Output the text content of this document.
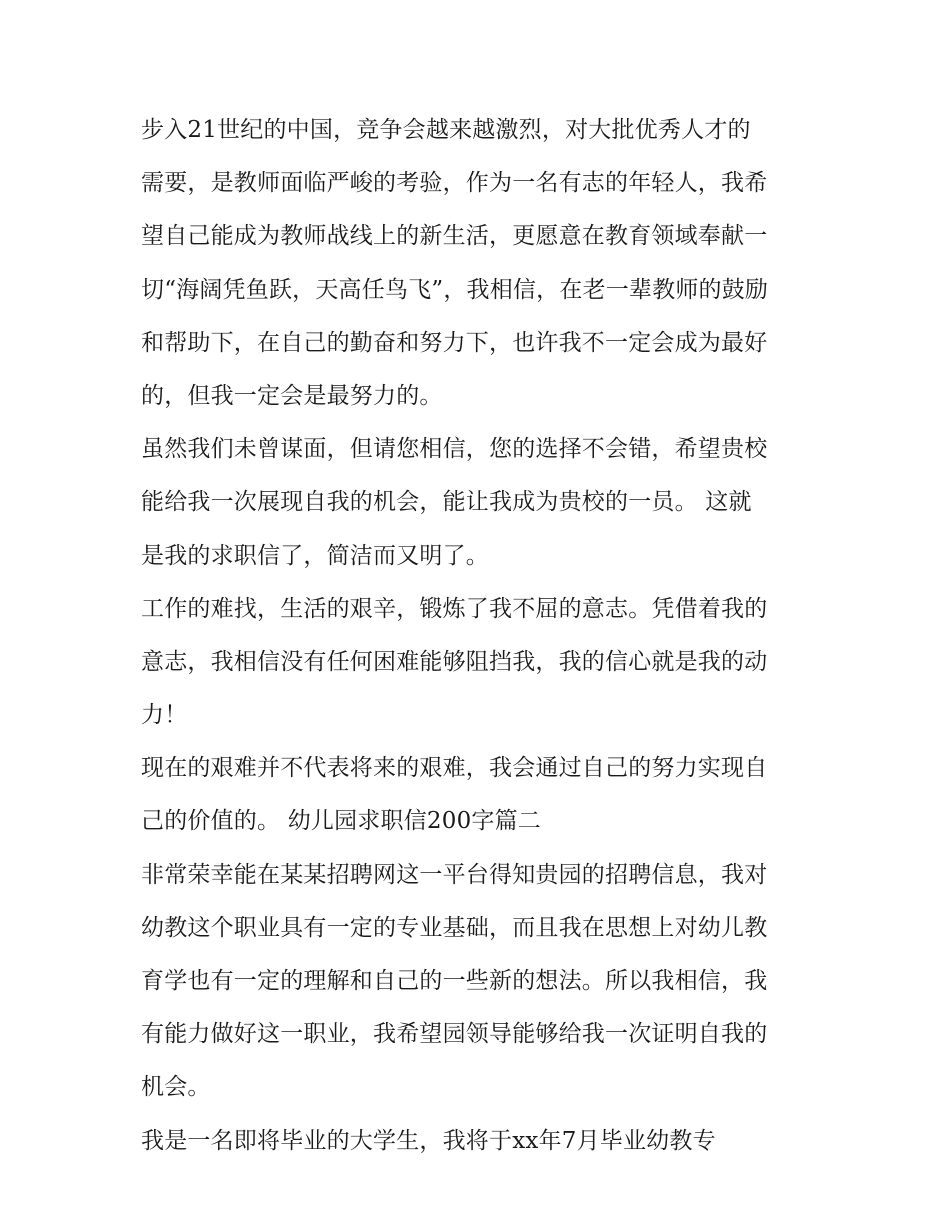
步入21世纪的中国，竞争会越来越激烈，对大批优秀人才的
需要，是教师面临严峻的考验，作为一名有志的年轻人，我希
望自己能成为教师战线上的新生活，更愿意在教育领域奉献一
切“海阔凭鱼跃，天高任鸟飞”，我相信，在老一辈教师的鼓励
和帮助下，在自己的勤奋和努力下，也许我不一定会成为最好
的，但我一定会是最努力的。
虽然我们未曾谋面，但请您相信，您的选择不会错，希望贵校
能给我一次展现自我的机会，能让我成为贵校的一员。 这就
是我的求职信了，简洁而又明了。
工作的难找，生活的艰辛，锻炼了我不屈的意志。凭借着我的
意志，我相信没有任何困难能够阻挡我，我的信心就是我的动
力！
现在的艰难并不代表将来的艰难，我会通过自己的努力实现自
己的价值的。 幼儿园求职信200字篇二
非常荣幸能在某某招聘网这一平台得知贵园的招聘信息，我对
幼教这个职业具有一定的专业基础，而且我在思想上对幼儿教
育学也有一定的理解和自己的一些新的想法。所以我相信，我
有能力做好这一职业，我希望园领导能够给我一次证明自我的
机会。
我是一名即将毕业的大学生，我将于xx年7月毕业幼教专
